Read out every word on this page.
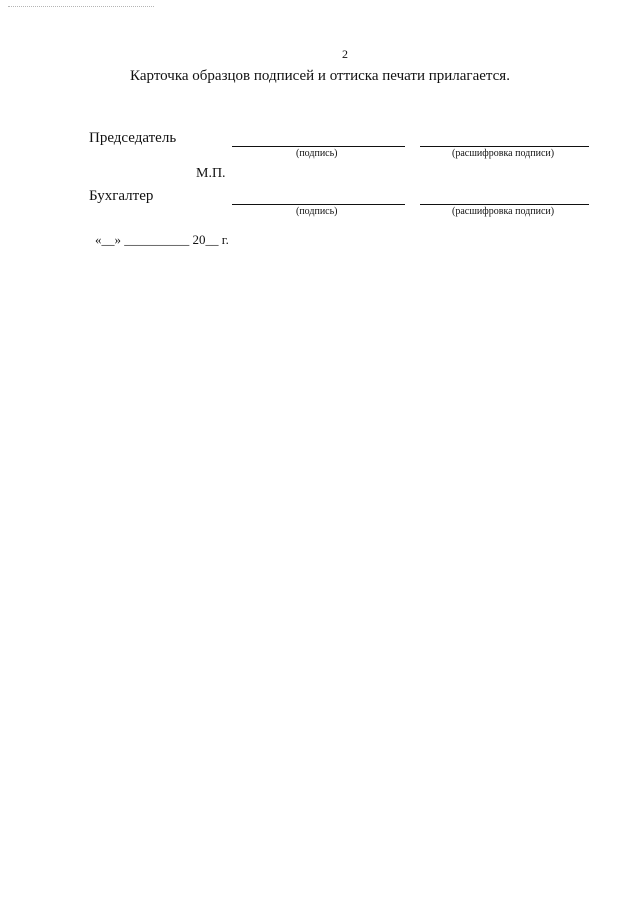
2
Карточка образцов подписей и оттиска печати прилагается.
Председатель
(подпись)	(расшифровка подписи)
М.П.
Бухгалтер
(подпись)	(расшифровка подписи)
«__» __________ 20__ г.
